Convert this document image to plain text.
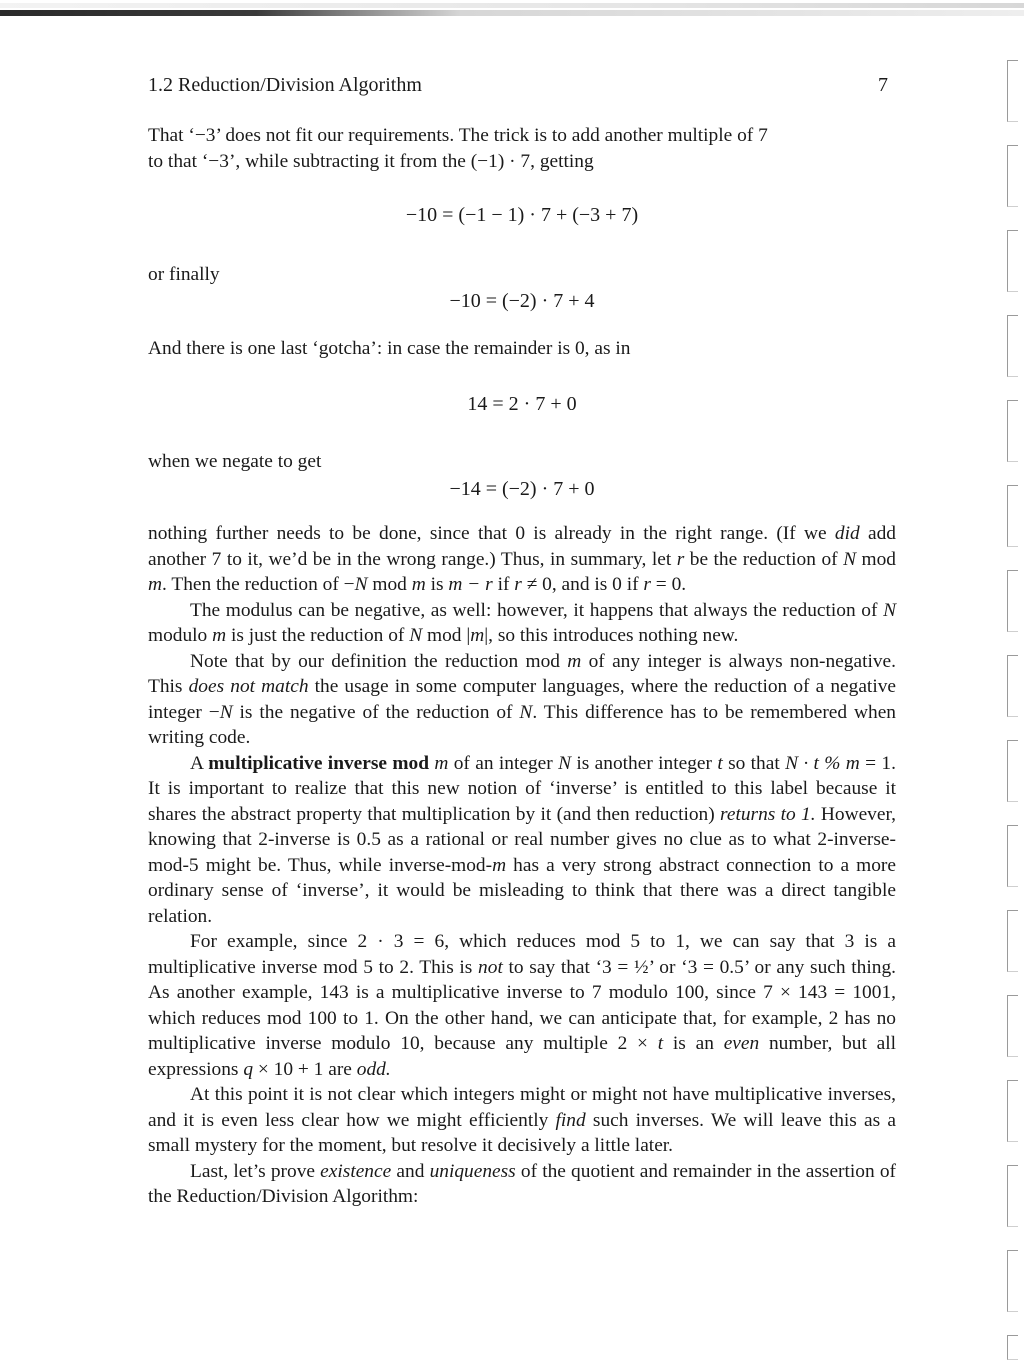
1.2 Reduction/Division Algorithm	7
That ‘−3’ does not fit our requirements. The trick is to add another multiple of 7
to that ‘−3’, while subtracting it from the (−1) · 7, getting
−10 = (−1 − 1) · 7 + (−3 + 7)
or finally
−10 = (−2) · 7 + 4
And there is one last ‘gotcha’: in case the remainder is 0, as in
14 = 2 · 7 + 0
when we negate to get
−14 = (−2) · 7 + 0

nothing further needs to be done, since that 0 is already in the right range. (If we did add another 7 to it, we’d be in the wrong range.) Thus, in summary, let r be the reduction of N mod m. Then the reduction of −N mod m is m − r if r ≠ 0, and is 0 if r = 0.

The modulus can be negative, as well: however, it happens that always the reduction of N modulo m is just the reduction of N mod |m|, so this introduces nothing new.

Note that by our definition the reduction mod m of any integer is always non-negative. This does not match the usage in some computer languages, where the reduction of a negative integer −N is the negative of the reduction of N. This difference has to be remembered when writing code.

A multiplicative inverse mod m of an integer N is another integer t so that N · t % m = 1. It is important to realize that this new notion of ‘inverse’ is entitled to this label because it shares the abstract property that multiplication by it (and then reduction) returns to 1. However, knowing that 2-inverse is 0.5 as a rational or real number gives no clue as to what 2-inverse-mod-5 might be. Thus, while inverse-mod-m has a very strong abstract connection to a more ordinary sense of ‘inverse’, it would be misleading to think that there was a direct tangible relation.

For example, since 2 · 3 = 6, which reduces mod 5 to 1, we can say that 3 is a multiplicative inverse mod 5 to 2. This is not to say that ‘3 = ½’ or ‘3 = 0.5’ or any such thing. As another example, 143 is a multiplicative inverse to 7 modulo 100, since 7 × 143 = 1001, which reduces mod 100 to 1. On the other hand, we can anticipate that, for example, 2 has no multiplicative inverse modulo 10, because any multiple 2 × t is an even number, but all expressions q × 10 + 1 are odd.

At this point it is not clear which integers might or might not have multiplicative inverses, and it is even less clear how we might efficiently find such inverses. We will leave this as a small mystery for the moment, but resolve it decisively a little later.

Last, let’s prove existence and uniqueness of the quotient and remainder in the assertion of the Reduction/Division Algorithm:
